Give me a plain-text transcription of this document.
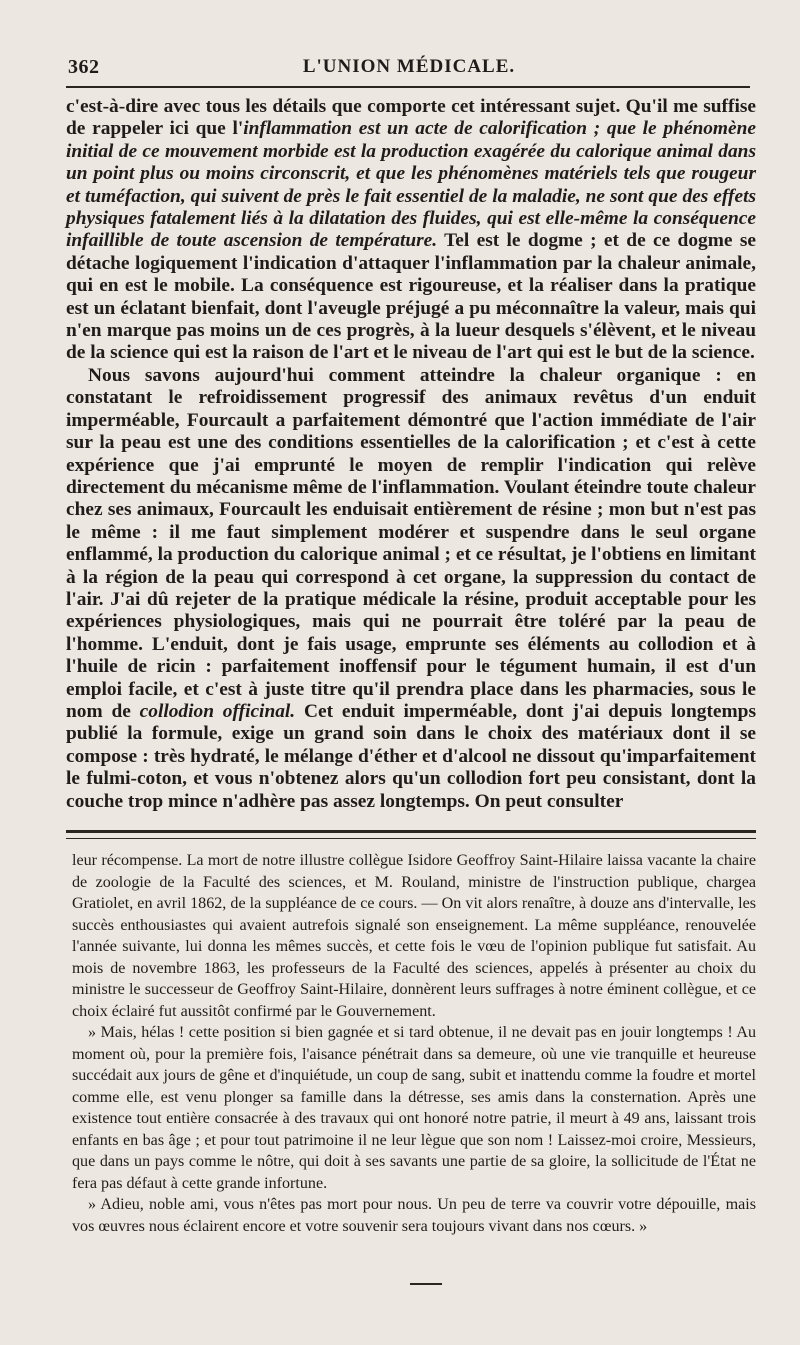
362	L'UNION MÉDICALE.

c'est-à-dire avec tous les détails que comporte cet intéressant sujet. Qu'il me suffise de rappeler ici que l'inflammation est un acte de calorification ; que le phénomène initial de ce mouvement morbide est la production exagérée du calorique animal dans un point plus ou moins circonscrit, et que les phénomènes matériels tels que rougeur et tuméfaction, qui suivent de près le fait essentiel de la maladie, ne sont que des effets physiques fatalement liés à la dilatation des fluides, qui est elle-même la conséquence infaillible de toute ascension de température. Tel est le dogme ; et de ce dogme se détache logiquement l'indication d'attaquer l'inflammation par la chaleur animale, qui en est le mobile. La conséquence est rigoureuse, et la réaliser dans la pratique est un éclatant bienfait, dont l'aveugle préjugé a pu méconnaître la valeur, mais qui n'en marque pas moins un de ces progrès, à la lueur desquels s'élèvent, et le niveau de la science qui est la raison de l'art et le niveau de l'art qui est le but de la science.

Nous savons aujourd'hui comment atteindre la chaleur organique : en constatant le refroidissement progressif des animaux revêtus d'un enduit imperméable, Fourcault a parfaitement démontré que l'action immédiate de l'air sur la peau est une des conditions essentielles de la calorification ; et c'est à cette expérience que j'ai emprunté le moyen de remplir l'indication qui relève directement du mécanisme même de l'inflammation. Voulant éteindre toute chaleur chez ses animaux, Fourcault les enduisait entièrement de résine ; mon but n'est pas le même : il me faut simplement modérer et suspendre dans le seul organe enflammé, la production du calorique animal ; et ce résultat, je l'obtiens en limitant à la région de la peau qui correspond à cet organe, la suppression du contact de l'air. J'ai dû rejeter de la pratique médicale la résine, produit acceptable pour les expériences physiologiques, mais qui ne pourrait être toléré par la peau de l'homme. L'enduit, dont je fais usage, emprunte ses éléments au collodion et à l'huile de ricin : parfaitement inoffensif pour le tégument humain, il est d'un emploi facile, et c'est à juste titre qu'il prendra place dans les pharmacies, sous le nom de collodion officinal. Cet enduit imperméable, dont j'ai depuis longtemps publié la formule, exige un grand soin dans le choix des matériaux dont il se compose : très hydraté, le mélange d'éther et d'alcool ne dissout qu'imparfaitement le fulmi-coton, et vous n'obtenez alors qu'un collodion fort peu consistant, dont la couche trop mince n'adhère pas assez longtemps. On peut consulter

leur récompense. La mort de notre illustre collègue Isidore Geoffroy Saint-Hilaire laissa vacante la chaire de zoologie de la Faculté des sciences, et M. Rouland, ministre de l'instruction publique, chargea Gratiolet, en avril 1862, de la suppléance de ce cours. — On vit alors renaître, à douze ans d'intervalle, les succès enthousiastes qui avaient autrefois signalé son enseignement. La même suppléance, renouvelée l'année suivante, lui donna les mêmes succès, et cette fois le vœu de l'opinion publique fut satisfait. Au mois de novembre 1863, les professeurs de la Faculté des sciences, appelés à présenter au choix du ministre le successeur de Geoffroy Saint-Hilaire, donnèrent leurs suffrages à notre éminent collègue, et ce choix éclairé fut aussitôt confirmé par le Gouvernement.

» Mais, hélas ! cette position si bien gagnée et si tard obtenue, il ne devait pas en jouir longtemps ! Au moment où, pour la première fois, l'aisance pénétrait dans sa demeure, où une vie tranquille et heureuse succédait aux jours de gêne et d'inquiétude, un coup de sang, subit et inattendu comme la foudre et mortel comme elle, est venu plonger sa famille dans la détresse, ses amis dans la consternation. Après une existence tout entière consacrée à des travaux qui ont honoré notre patrie, il meurt à 49 ans, laissant trois enfants en bas âge ; et pour tout patrimoine il ne leur lègue que son nom ! Laissez-moi croire, Messieurs, que dans un pays comme le nôtre, qui doit à ses savants une partie de sa gloire, la sollicitude de l'État ne fera pas défaut à cette grande infortune.

» Adieu, noble ami, vous n'êtes pas mort pour nous. Un peu de terre va couvrir votre dépouille, mais vos œuvres nous éclairent encore et votre souvenir sera toujours vivant dans nos cœurs. »
